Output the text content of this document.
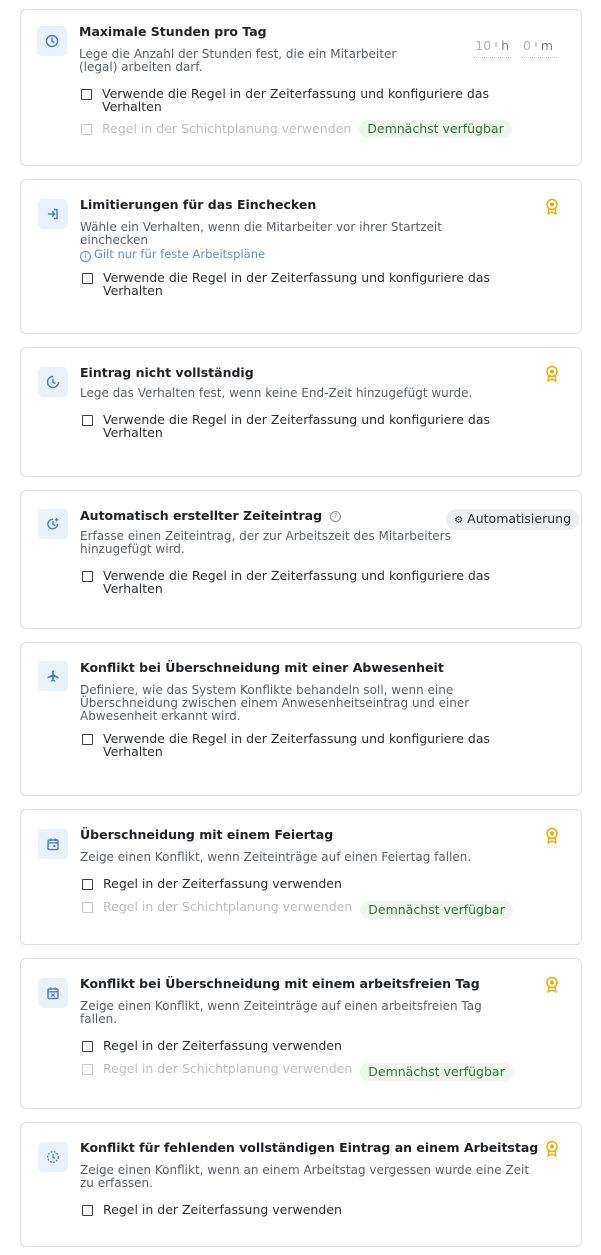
Maximale Stunden pro Tag
Lege die Anzahl der Stunden fest, die ein Mitarbeiter (legal) arbeiten darf.
Verwende die Regel in der Zeiterfassung und konfiguriere das Verhalten
Regel in der Schichtplanung verwenden	Demnächst verfügbar
10 ⬍ h 0 ⬍ m
Limitierungen für das Einchecken
Wähle ein Verhalten, wenn die Mitarbeiter vor ihrer Startzeit einchecken
i Gilt nur für feste Arbeitspläne
Verwende die Regel in der Zeiterfassung und konfiguriere das Verhalten
Eintrag nicht vollständig
Lege das Verhalten fest, wenn keine End-Zeit hinzugefügt wurde.
Verwende die Regel in der Zeiterfassung und konfiguriere das Verhalten
Automatisch erstellter Zeiteintrag ?
Erfasse einen Zeiteintrag, der zur Arbeitszeit des Mitarbeiters hinzugefügt wird.
Verwende die Regel in der Zeiterfassung und konfiguriere das Verhalten
⚙ Automatisierung
Konflikt bei Überschneidung mit einer Abwesenheit
Definiere, wie das System Konflikte behandeln soll, wenn eine Überschneidung zwischen einem Anwesenheitseintrag und einer Abwesenheit erkannt wird.
Verwende die Regel in der Zeiterfassung und konfiguriere das Verhalten
Überschneidung mit einem Feiertag
Zeige einen Konflikt, wenn Zeiteinträge auf einen Feiertag fallen.
Regel in der Zeiterfassung verwenden
Regel in der Schichtplanung verwenden	Demnächst verfügbar
Konflikt bei Überschneidung mit einem arbeitsfreien Tag
Zeige einen Konflikt, wenn Zeiteinträge auf einen arbeitsfreien Tag fallen.
Regel in der Zeiterfassung verwenden
Regel in der Schichtplanung verwenden	Demnächst verfügbar
Konflikt für fehlenden vollständigen Eintrag an einem Arbeitstag
Zeige einen Konflikt, wenn an einem Arbeitstag vergessen wurde eine Zeit zu erfassen.
Regel in der Zeiterfassung verwenden
